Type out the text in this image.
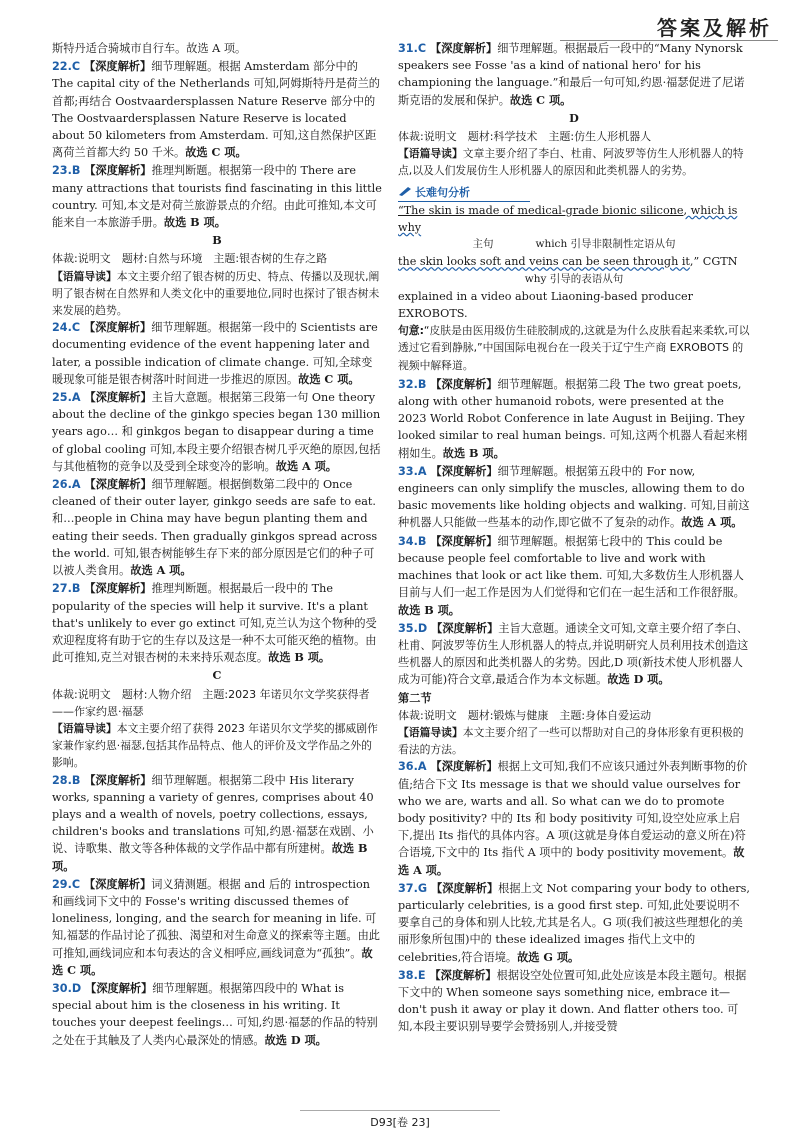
答案及解析

斯特丹适合骑城市自行车。故选 A 项。

22.C 【深度解析】细节理解题。根据 Amsterdam 部分中的 The capital city of the Netherlands 可知,阿姆斯特丹是荷兰的首都;再结合 Oostvaardersplassen Nature Reserve 部分中的 The Oostvaardersplassen Nature Reserve is located about 50 kilometers from Amsterdam. 可知,这自然保护区距离荷兰首都大约 50 千米。故选 C 项。

23.B 【深度解析】推理判断题。根据第一段中的 There are many attractions that tourists find fascinating in this little country. 可知,本文是对荷兰旅游景点的介绍。由此可推知,本文可能来自一本旅游手册。故选 B 项。

B

体裁:说明文　题材:自然与环境　主题:银杏树的生存之路

【语篇导读】本文主要介绍了银杏树的历史、特点、传播以及现状,阐明了银杏树在自然界和人类文化中的重要地位,同时也探讨了银杏树未来发展的趋势。

24.C 【深度解析】细节理解题。根据第一段中的 Scientists are documenting evidence of the event happening later and later, a possible indication of climate change. 可知,全球变暖现象可能是银杏树落叶时间进一步推迟的原因。故选 C 项。

25.A 【深度解析】主旨大意题。根据第三段第一句 One theory about the decline of the ginkgo species began 130 million years ago… 和 ginkgos began to disappear during a time of global cooling 可知,本段主要介绍银杏树几乎灭绝的原因,包括与其他植物的竞争以及受到全球变冷的影响。故选 A 项。

26.A 【深度解析】细节理解题。根据倒数第二段中的 Once cleaned of their outer layer, ginkgo seeds are safe to eat. 和…people in China may have begun planting them and eating their seeds. Then gradually ginkgos spread across the world. 可知,银杏树能够生存下来的部分原因是它们的种子可以被人类食用。故选 A 项。

27.B 【深度解析】推理判断题。根据最后一段中的 The popularity of the species will help it survive. It's a plant that's unlikely to ever go extinct 可知,克兰认为这个物种的受欢迎程度将有助于它的生存以及这是一种不太可能灭绝的植物。由此可推知,克兰对银杏树的未来持乐观态度。故选 B 项。

C

体裁:说明文　题材:人物介绍　主题:2023 年诺贝尔文学奖获得者——作家约恩·福瑟

【语篇导读】本文主要介绍了获得 2023 年诺贝尔文学奖的挪威剧作家兼作家约恩·福瑟,包括其作品特点、他人的评价及文学作品之外的影响。

28.B 【深度解析】细节理解题。根据第二段中 His literary works, spanning a variety of genres, comprises about 40 plays and a wealth of novels, poetry collections, essays, children's books and translations 可知,约恩·福瑟在戏剧、小说、诗歌集、散文等各种体裁的文学作品中都有所建树。故选 B 项。

29.C 【深度解析】词义猜测题。根据 and 后的 introspection 和画线词下文中的 Fosse's writing discussed themes of loneliness, longing, and the search for meaning in life. 可知,福瑟的作品讨论了孤独、渴望和对生命意义的探索等主题。由此可推知,画线词应和本句表达的含义相呼应,画线词意为“孤独”。故选 C 项。

30.D 【深度解析】细节理解题。根据第四段中的 What is special about him is the closeness in his writing. It touches your deepest feelings… 可知,约恩·福瑟的作品的特别之处在于其触及了人类内心最深处的情感。故选 D 项。

31.C 【深度解析】细节理解题。根据最后一段中的“Many Nynorsk speakers see Fosse 'as a kind of national hero' for his championing the language.”和最后一句可知,约恩·福瑟促进了尼诺斯克语的发展和保护。故选 C 项。

D

体裁:说明文　题材:科学技术　主题:仿生人形机器人

【语篇导读】文章主要介绍了李白、杜甫、阿波罗等仿生人形机器人的特点,以及人们发展仿生人形机器人的原因和此类机器人的劣势。

长难句分析

“The skin is made of medical-grade bionic silicone, which is why

主句　　　　	which 引导非限制性定语从句

the skin looks soft and veins can be seen through it,” CGTN

why 引导的表语从句

explained in a video about Liaoning-based producer EXROBOTS.

句意:“皮肤是由医用级仿生硅胶制成的,这就是为什么皮肤看起来柔软,可以透过它看到静脉,”中国国际电视台在一段关于辽宁生产商 EXROBOTS 的视频中解释道。

32.B 【深度解析】细节理解题。根据第二段 The two great poets, along with other humanoid robots, were presented at the 2023 World Robot Conference in late August in Beijing. They looked similar to real human beings. 可知,这两个机器人看起来栩栩如生。故选 B 项。

33.A 【深度解析】细节理解题。根据第五段中的 For now, engineers can only simplify the muscles, allowing them to do basic movements like holding objects and walking. 可知,目前这种机器人只能做一些基本的动作,即它做不了复杂的动作。故选 A 项。

34.B 【深度解析】细节理解题。根据第七段中的 This could be because people feel comfortable to live and work with machines that look or act like them. 可知,大多数仿生人形机器人目前与人们一起工作是因为人们觉得和它们在一起生活和工作很舒服。故选 B 项。

35.D 【深度解析】主旨大意题。通读全文可知,文章主要介绍了李白、杜甫、阿波罗等仿生人形机器人的特点,并说明研究人员利用技术创造这些机器人的原因和此类机器人的劣势。因此,D 项(新技术使人形机器人成为可能)符合文章,最适合作为本文标题。故选 D 项。

第二节

体裁:说明文　题材:锻炼与健康　主题:身体自爱运动

【语篇导读】本文主要介绍了一些可以帮助对自己的身体形象有更积极的看法的方法。

36.A 【深度解析】根据上文可知,我们不应该只通过外表判断事物的价值;结合下文 Its message is that we should value ourselves for who we are, warts and all. So what can we do to promote body positivity? 中的 Its 和 body positivity 可知,设空处应承上启下,提出 Its 指代的具体内容。A 项(这就是身体自爱运动的意义所在)符合语境,下文中的 Its 指代 A 项中的 body positivity movement。故选 A 项。

37.G 【深度解析】根据上文 Not comparing your body to others, particularly celebrities, is a good first step. 可知,此处要说明不要拿自己的身体和别人比较,尤其是名人。G 项(我们被这些理想化的美丽形象所包围)中的 these idealized images 指代上文中的 celebrities,符合语境。故选 G 项。

38.E 【深度解析】根据设空处位置可知,此处应该是本段主题句。根据下文中的 When someone says something nice, embrace it—don't push it away or play it down. And flatter others too. 可知,本段主要识别导要学会赞扬别人,并接受赞

D93[卷 23]
